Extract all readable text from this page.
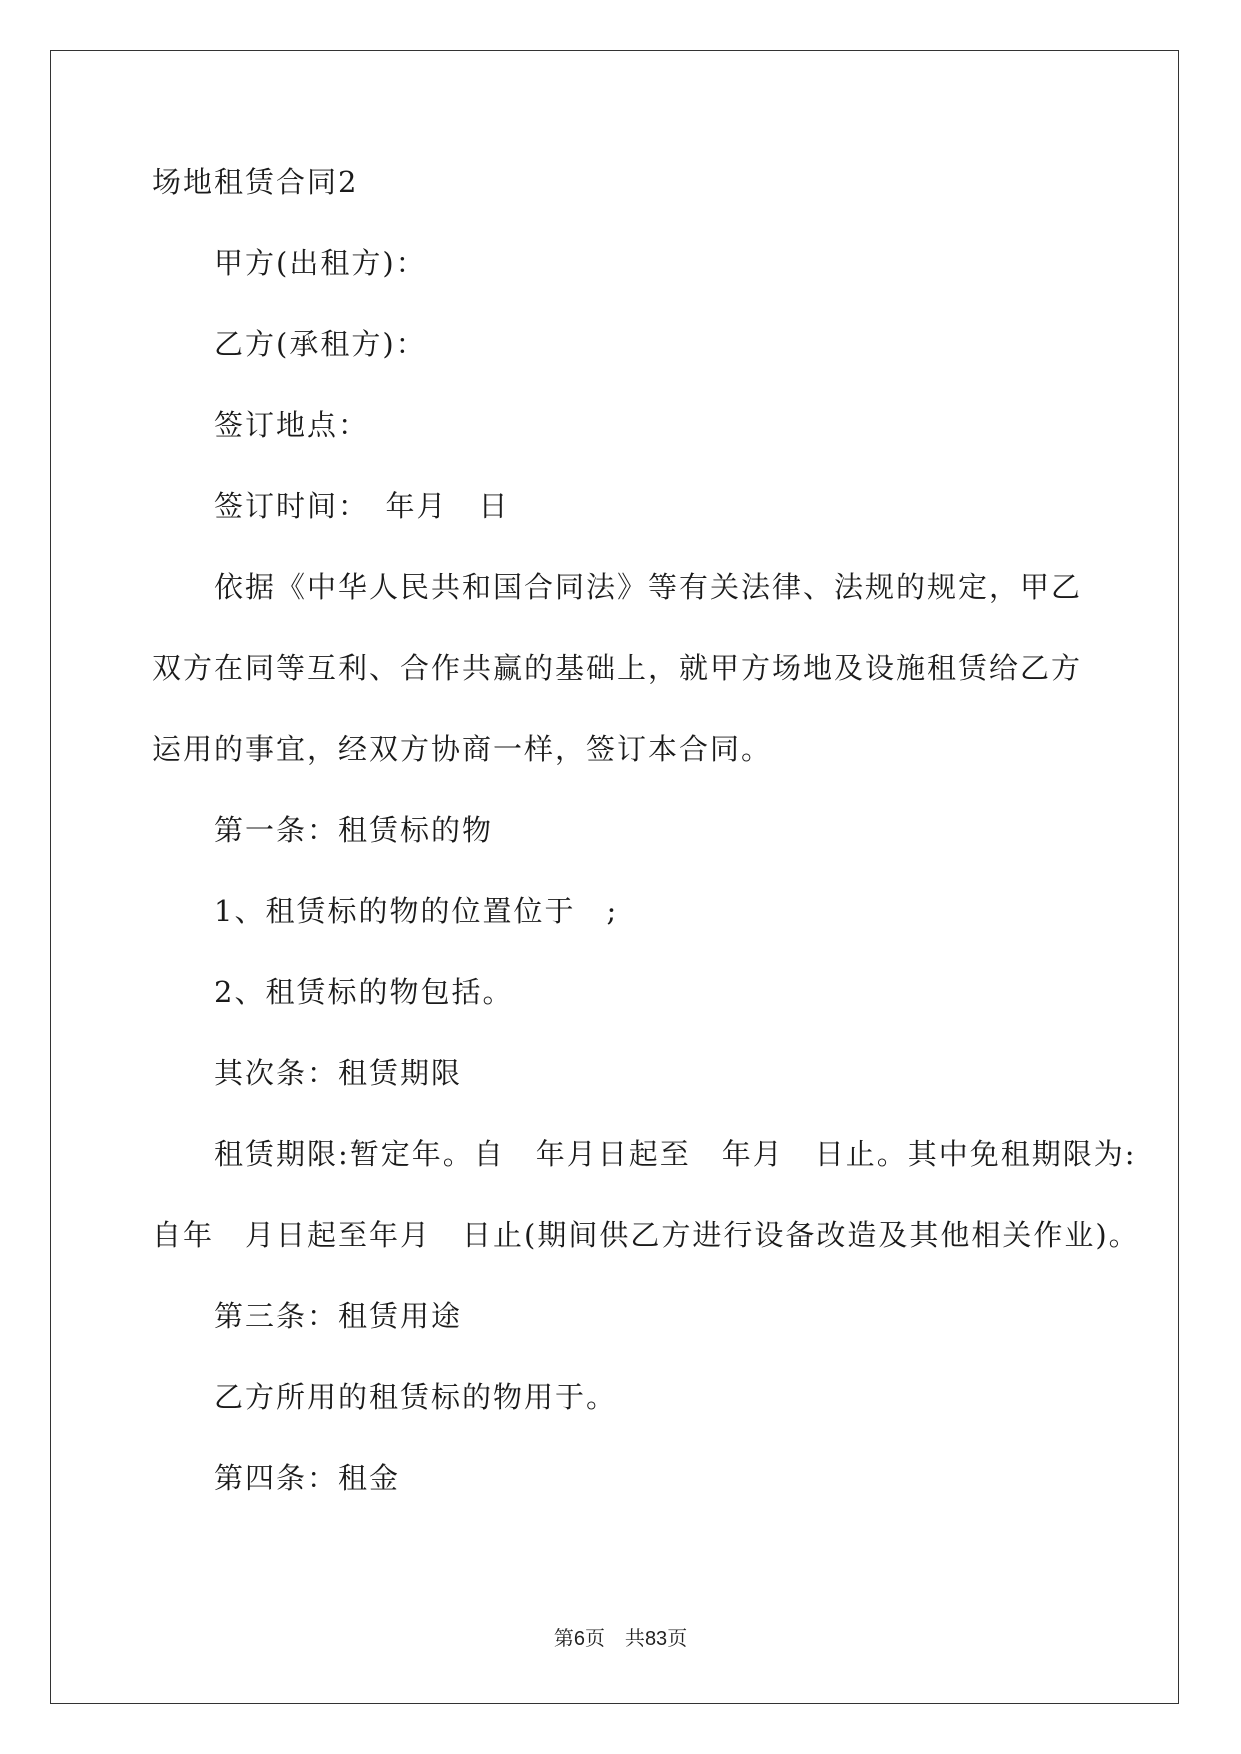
场地租赁合同2
甲方(出租方)：
乙方(承租方)：
签订地点：
签订时间：　年月　日
依据《中华人民共和国合同法》等有关法律、法规的规定，甲乙
双方在同等互利、合作共赢的基础上，就甲方场地及设施租赁给乙方
运用的事宜，经双方协商一样，签订本合同。
第一条：租赁标的物
1、租赁标的物的位置位于　;
2、租赁标的物包括。
其次条：租赁期限
租赁期限:暂定年。自　年月日起至　年月　日止。其中免租期限为:
自年　月日起至年月　日止(期间供乙方进行设备改造及其他相关作业)。
第三条：租赁用途
乙方所用的租赁标的物用于。
第四条：租金
第6页　共83页
